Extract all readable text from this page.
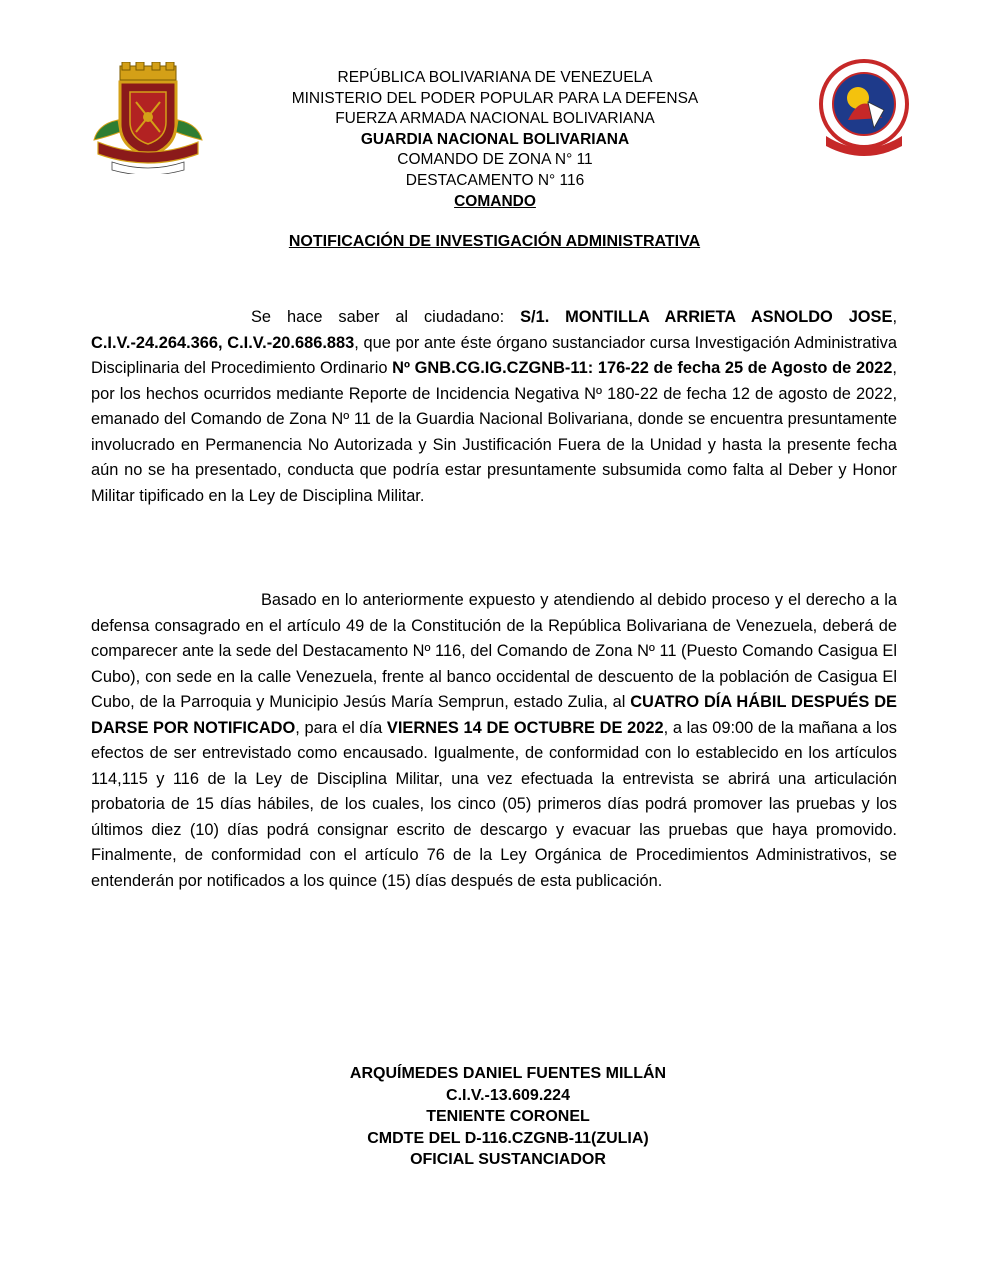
REPÚBLICA BOLIVARIANA DE VENEZUELA
MINISTERIO DEL PODER POPULAR PARA LA DEFENSA
FUERZA ARMADA NACIONAL BOLIVARIANA
GUARDIA NACIONAL BOLIVARIANA
COMANDO DE ZONA N° 11
DESTACAMENTO N° 116
COMANDO
NOTIFICACIÓN DE INVESTIGACIÓN ADMINISTRATIVA
Se hace saber al ciudadano: S/1. MONTILLA ARRIETA ASNOLDO JOSE, C.I.V.-24.264.366, C.I.V.-20.686.883, que por ante éste órgano sustanciador cursa Investigación Administrativa Disciplinaria del Procedimiento Ordinario Nº GNB.CG.IG.CZGNB-11: 176-22 de fecha 25 de Agosto de 2022, por los hechos ocurridos mediante Reporte de Incidencia Negativa Nº 180-22 de fecha 12 de agosto de 2022, emanado del Comando de Zona Nº 11 de la Guardia Nacional Bolivariana, donde se encuentra presuntamente involucrado en Permanencia No Autorizada y Sin Justificación Fuera de la Unidad y hasta la presente fecha aún no se ha presentado, conducta que podría estar presuntamente subsumida como falta al Deber y Honor Militar tipificado en la Ley de Disciplina Militar.
Basado en lo anteriormente expuesto y atendiendo al debido proceso y el derecho a la defensa consagrado en el artículo 49 de la Constitución de la República Bolivariana de Venezuela, deberá de comparecer ante la sede del Destacamento Nº 116, del Comando de Zona Nº 11 (Puesto Comando Casigua El Cubo), con sede en la calle Venezuela, frente al banco occidental de descuento de la población de Casigua El Cubo, de la Parroquia y Municipio Jesús María Semprun, estado Zulia, al CUATRO DÍA HÁBIL DESPUÉS DE DARSE POR NOTIFICADO, para el día VIERNES 14 DE OCTUBRE DE 2022, a las 09:00 de la mañana a los efectos de ser entrevistado como encausado. Igualmente, de conformidad con lo establecido en los artículos 114,115 y 116 de la Ley de Disciplina Militar, una vez efectuada la entrevista se abrirá una articulación probatoria de 15 días hábiles, de los cuales, los cinco (05) primeros días podrá promover las pruebas y los últimos diez (10) días podrá consignar escrito de descargo y evacuar las pruebas que haya promovido. Finalmente, de conformidad con el artículo 76 de la Ley Orgánica de Procedimientos Administrativos, se entenderán por notificados a los quince (15) días después de esta publicación.
ARQUÍMEDES DANIEL FUENTES MILLÁN
C.I.V.-13.609.224
TENIENTE CORONEL
CMDTE DEL D-116.CZGNB-11(ZULIA)
OFICIAL SUSTANCIADOR
